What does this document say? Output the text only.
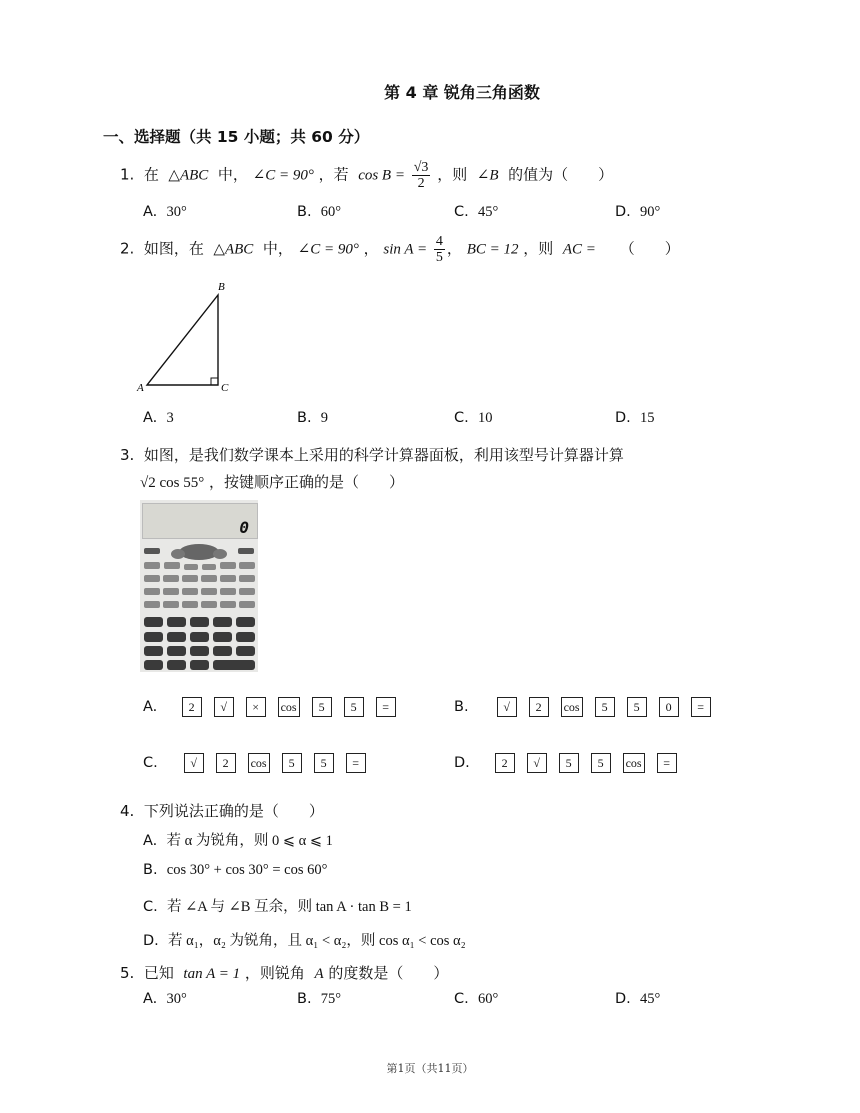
第 4 章 锐角三角函数
一、选择题（共 15 小题；共 60 分）
1. 在 △ABC 中， ∠C = 90° ，若 $\cos B = \frac{√3}{2}$ ，则 ∠B 的值为（　　）
A. 30°	B. 60°	C. 45°	D. 90°
2. 如图，在 △ABC 中， ∠C = 90° ， $\sin A = \frac{4}{5}$ ， BC = 12 ，则 AC = （　　）
B
A	C
A. 3	B. 9	C. 10	D. 15
3. 如图，是我们数学课本上采用的科学计算器面板，利用该型号计算器计算
√2 cos 55° ，按键顺序正确的是（　　）
0
A.	2 √ × cos 5 5 =	B.	√ 2 cos 5 5 0 =
C.	√ 2 cos 5 5 =	D.	2 √ 5 5 cos =
4. 下列说法正确的是（　　）
A. 若 α 为锐角，则 0 ⩽ α ⩽ 1
B. cos 30° + cos 30° = cos 60°
C. 若 ∠A 与 ∠B 互余，则 tan A · tan B = 1
D. 若 α₁，α₂ 为锐角，且 α₁ < α₂，则 cos α₁ < cos α₂
5. 已知 tan A = 1 ，则锐角 A 的度数是（　　）
A. 30°	B. 75°	C. 60°	D. 45°
第1页（共11页）
